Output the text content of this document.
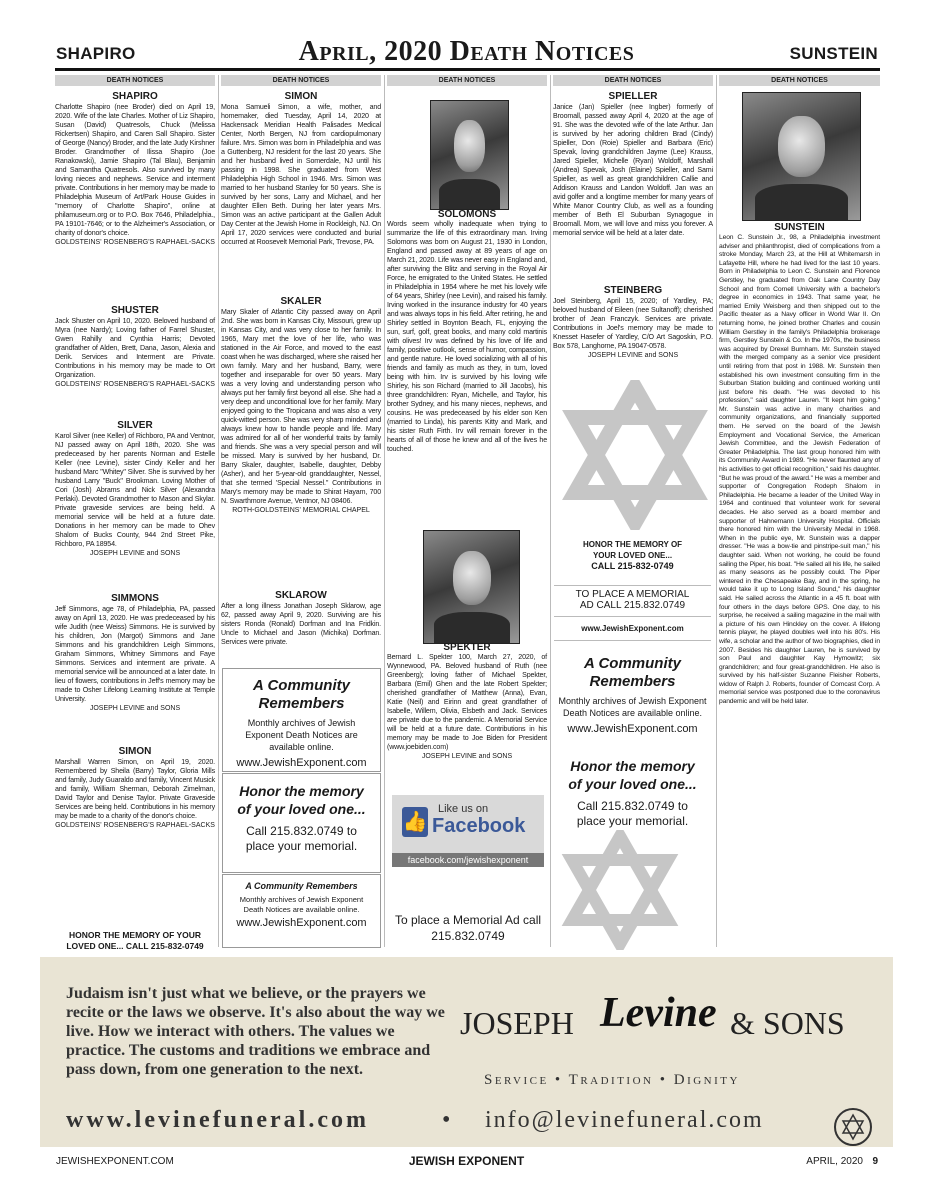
SHAPIRO	April, 2020 Death Notices	SUNSTEIN
DEATH NOTICES	DEATH NOTICES	DEATH NOTICES	DEATH NOTICES	DEATH NOTICES

SHAPIRO

Charlotte Shapiro (nee Broder) died on April 19, 2020. Wife of the late Charles. Mother of Liz Shapiro, Susan (David) Quatresols, Chuck (Melissa Rickertsen) Shapiro, and Caren Sall Shapiro. Sister of George (Nancy) Broder, and the late Judy Kirshner Broder. Grandmother of Ilissa Shapiro (Joe Ranakowski), Jamie Shapiro (Tal Blau), Benjamin and Samantha Quatresols. Also survived by many loving nieces and nephews. Service and interment private. Contributions in her memory may be made to Philadelphia Museum of Art/Park House Guides in "memory of Charlotte Shapiro", online at philamuseum.org or to P.O. Box 7646, Philadelphia., PA 19101-7646; or to the Alzheimer's Association, or charity of donor's choice.

GOLDSTEINS' ROSENBERG'S RAPHAEL-SACKS

SHUSTER

Jack Shuster on April 10, 2020. Beloved husband of Myra (nee Nardy); Loving father of Farrel Shuster, Gwen Rahilly and Cynthia Harris; Devoted grandfather of Alden, Brett, Dana, Jason, Alexia and Derik. Services and Interment are Private. Contributions in his memory may be made to Ort Organization.

GOLDSTEINS' ROSENBERG'S RAPHAEL-SACKS

SILVER

Karol Silver (nee Keller) of Richboro, PA and Ventnor, NJ passed away on April 18th, 2020. She was predeceased by her parents Norman and Estelle Keller (nee Levine), sister Cindy Keller and her husband Marc "Whitey" Silver. She is survived by her husband Larry "Buck" Brookman. Loving Mother of Cori (Josh) Abrams and Nick Silver (Alexandra Perlaki). Devoted Grandmother to Mason and Skylar. Private graveside services are being held. A memorial service will be held at a future date. Donations in her memory can be made to Ohev Shalom of Bucks County, 944 2nd Street Pike, Richboro, PA 18954.

JOSEPH LEVINE and SONS

SIMMONS

Jeff Simmons, age 78, of Philadelphia, PA, passed away on April 13, 2020. He was predeceased by his wife Judith (nee Weiss) Simmons. He is survived by his children, Jon (Margot) Simmons and Jane Simmons and his grandchildren Leigh Simmons, Graham Simmons, Whitney Simmons and Faye Simmons. Services and interment are private. A memorial service will be announced at a later date. In lieu of flowers, contributions in Jeff's memory may be made to Osher Lifelong Learning Institute at Temple University.

JOSEPH LEVINE and SONS

SIMON

Marshall Warren Simon, on April 19, 2020. Remembered by Sheila (Barry) Taylor, Gloria Mills and family, Judy Guaraldo and family, Vincent Musick and family, William Sherman, Deborah Zimelman, David Taylor and Denise Taylor. Private Graveside Services are being held. Contributions in his memory may be made to a charity of the donor's choice.

GOLDSTEINS' ROSENBERG'S RAPHAEL-SACKS

HONOR THE MEMORY OF YOUR LOVED ONE... CALL 215-832-0749

SIMON

Mona Samueli Simon, a wife, mother, and homemaker, died Tuesday, April 14, 2020 at Hackensack Meridian Health Palisades Medical Center, North Bergen, NJ from cardiopulmonary failure. Mrs. Simon was born in Philadelphia and was a Guttenberg, NJ resident for the last 20 years. She and her husband lived in Somerdale, NJ until his passing in 1998. She graduated from West Philadelphia High School in 1946. Mrs. Simon was married to her husband Stanley for 50 years. She is survived by her sons, Larry and Michael, and her daughter Ellen Beth. During her later years Mrs. Simon was an active participant at the Gallen Adult Day Center at the Jewish Home in Rockleigh, NJ. On April 17, 2020 services were conducted and burial occurred at Roosevelt Memorial Park, Trevose, PA.

SKALER

Mary Skaler of Atlantic City passed away on April 2nd. She was born in Kansas City, Missouri, grew up in Kansas City, and was very close to her family. In 1965, Mary met the love of her life, who was stationed in the Air Force, and moved to the east coast when he was discharged, where she raised her own family. Mary and her husband, Barry, were together and inseparable for over 50 years. Mary was a very loving and understanding person who always put her family first beyond all else. She had a very deep and unconditional love for her family. Mary enjoyed going to the Tropicana and was also a very quick-witted person. She was very sharp minded and always knew how to handle people and life. Mary was admired for all of her wonderful traits by family and friends. She was a very special person and will be missed. Mary is survived by her husband, Dr. Barry Skaler, daughter, Isabelle, daughter, Debby (Asher), and her 5-year-old granddaughter, Nessel, that she termed 'Special Nessel." Contributions in Mary's memory may be made to Shirat Hayam, 700 N. Swarthmore Avenue, Ventnor, NJ 08406.

ROTH-GOLDSTEINS' MEMORIAL CHAPEL

SKLAROW

After a long illness Jonathan Joseph Sklarow, age 62, passed away April 9, 2020. Surviving are his sisters Ronda (Ronald) Dorfman and Ina Fridkin. Uncle to Michael and Jason (Michika) Dorfman. Services were private.

A Community Remembers
Monthly archives of Jewish Exponent Death Notices are available online.
www.JewishExponent.com
Honor the memory of your loved one...
Call 215.832.0749 to place your memorial.
A Community Remembers
Monthly archives of Jewish Exponent Death Notices are available online.
www.JewishExponent.com
SOLOMONS

Words seem wholly inadequate when trying to summarize the life of this extraordinary man. Irving Solomons was born on August 21, 1930 in London, England and passed away at 89 years of age on March 21, 2020. Life was never easy in England and, after surviving the Blitz and serving in the Royal Air Force, he emigrated to the United States. He settled in Philadelphia in 1954 where he met his lovely wife of 64 years, Shirley (nee Levin), and raised his family. Irving worked in the insurance industry for 40 years and was always tops in his field. After retiring, he and Shirley settled in Boynton Beach, FL, enjoying the sun, surf, golf, great books, and many cold martinis with olives! Irv was defined by his love of life and family, positive outlook, sense of humor, compassion, and gentle nature. He loved socializing with all of his friends and family as much as they, in turn, loved being with him. Irv is survived by his loving wife Shirley, his son Richard (married to Jill Jacobs), his three grandchildren: Ryan, Michelle, and Taylor, his brother Sydney, and his many nieces, nephews, and cousins. He was predeceased by his elder son Ken (married to Linda), his parents Kitty and Mark, and his sister Ruth Firth. Irv will remain forever in the hearts of all of those he knew and all of the lives he touched.

SPEKTER

Bernard L. Spekter 100, March 27, 2020, of Wynnewood, PA. Beloved husband of Ruth (nee Greenberg); loving father of Michael Spekter, Barbara (Emil) Ghen and the late Robert Spekter; cherished grandfather of Matthew (Anna), Evan, Katie (Neil) and Eirinn and great grandfather of Isabelle, Willem, Olivia, Elsbeth and Jack. Services are private due to the pandemic. A Memorial Service will be held at a future date. Contributions in his memory may be made to Joe Biden for President (www.joebiden.com)

JOSEPH LEVINE and SONS

👍
Like us on
Facebook
facebook.com/jewishexponent
To place a Memorial Ad call 215.832.0749

SPIELLER

Janice (Jan) Spieller (nee Ingber) formerly of Broomall, passed away April 4, 2020 at the age of 91. She was the devoted wife of the late Arthur. Jan is survived by her adoring children Brad (Cindy) Spieller, Don (Roie) Spieller and Barbara (Eric) Spevak, loving grandchildren Jayme (Lee) Krauss, Jared Spieller, Michelle (Ryan) Woldoff, Marshall (Andrea) Spevak, Josh (Elaine) Spieller, and Sami Spieller, as well as great grandchildren Callie and Addison Krauss and Landon Woldoff. Jan was an avid golfer and a longtime member for many years of White Manor Country Club, as well as a founding member of Beth El Suburban Synagogue in Broomall. Mom, we will love and miss you forever. A memorial service will be held at a later date.

STEINBERG

Joel Steinberg, April 15, 2020; of Yardley, PA; beloved husband of Eileen (nee Sultanoff); cherished brother of Jean Franczyk. Services are private. Contributions in Joel's memory may be made to Knesset Hasefer of Yardley, C/O Art Sagoskin, P.O. Box 578, Langhorne, PA 19047-0578.

JOSEPH LEVINE and SONS

HONOR THE MEMORY OF YOUR LOVED ONE...
CALL 215-832-0749
TO PLACE A MEMORIAL AD CALL 215.832.0749
www.JewishExponent.com
A Community Remembers
Monthly archives of Jewish Exponent Death Notices are available online.
www.JewishExponent.com
Honor the memory of your loved one...
Call 215.832.0749 to place your memorial.
SUNSTEIN

Leon C. Sunstein Jr., 98, a Philadelphia investment adviser and philanthropist, died of complications from a stroke Monday, March 23, at the Hill at Whitemarsh in Lafayette Hill, where he had lived for the last 10 years. Born in Philadelphia to Leon C. Sunstein and Florence Gerstley, he graduated from Oak Lane Country Day School and from Cornell University with a bachelor's degree in economics in 1943. That same year, he married Emily Weisberg and then shipped out to the Pacific theater as a Navy officer in World War II. On returning home, he joined brother Charles and cousin William Gerstley in the family's Philadelphia brokerage firm, Gerstley Sunstein & Co. In the 1970s, the business was acquired by Drexel Burnham. Mr. Sunstein stayed with the merged company as a senior vice president until retiring from that post in 1988. Mr. Sunstein then established his own investment consulting firm in the Suburban Station building and continued working until just before his death. "He was devoted to his profession," said daughter Lauren. "It kept him going." Mr. Sunstein was active in many charities and community organizations, and financially supported them. He served on the board of the Jewish Employment and Vocational Service, the American Jewish Committee, and the Jewish Federation of Greater Philadelphia. The last group honored him with its Community Award in 1989. "He never flaunted any of his activities to get official recognition," said his daughter. "But he was proud of the award." He was a member and supporter of Congregation Rodeph Shalom in Philadelphia. He became a leader of the United Way in 1964 and continued that volunteer work for several decades. He also served as a board member and supporter of Hahnemann University Hospital. Officials there honored him with the University Medal in 1968. When in the public eye, Mr. Sunstein was a dapper dresser. "He was a bow-tie and pinstripe-suit man," his daughter said. When not working, he could be found sailing the Piper, his boat. "He sailed all his life, he sailed as many seasons as he possibly could. The Piper wintered in the Chesapeake Bay, and in the spring, he would take it up to Long Island Sound," his daughter said. He sailed across the Atlantic in a 45 ft. boat with four others in the days before GPS. One day, to his surprise, he received a sailing magazine in the mail with a picture of his own Hinckley on the cover. A lifelong tennis player, he played doubles well into his 80's. His wife, a scholar and the author of two biographies, died in 2007. Besides his daughter Lauren, he is survived by son Paul and daughter Kay Hymowitz; six grandchildren; and four great-grandchildren. He also is survived by his half-sister Suzanne Fleisher Roberts, widow of Ralph J. Roberts, founder of Comcast Corp. A memorial service was postponed due to the coronavirus pandemic and will be held later.

Judaism isn't just what we believe, or the prayers we recite or the laws we observe. It's also about the way we live. How we interact with others. The values we practice. The customs and traditions we embrace and pass down, from one generation to the next.
JOSEPH Levine & SONS
Service • Tradition • Dignity
www.levinefuneral.com	• info@levinefuneral.com
JEWISHEXPONENT.COM	JEWISH EXPONENT	APRIL, 2020 9
